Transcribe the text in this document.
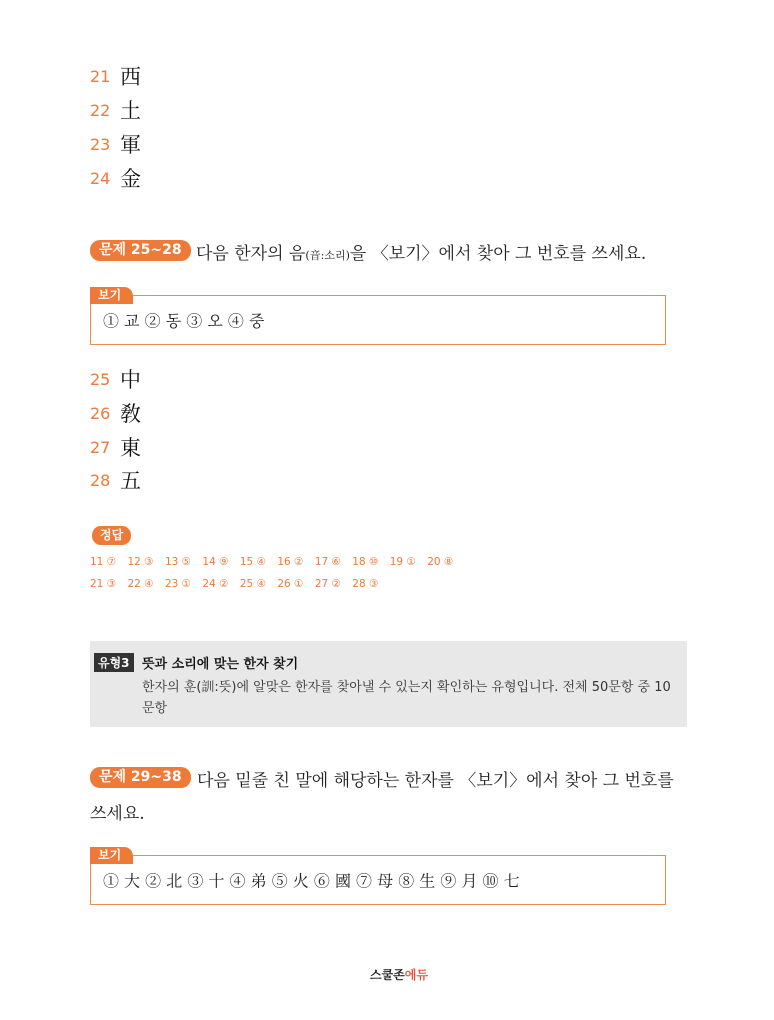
21 西
22 土
23 軍
24 金
문제 25~28 다음 한자의 음(音:소리)을 〈보기〉에서 찾아 그 번호를 쓰세요.
① 교 ② 동 ③ 오 ④ 중
보기
25 中
26 敎
27 東
28 五
정답
11 ⑦ 12 ③ 13 ⑤ 14 ⑨ 15 ④ 16 ② 17 ⑥ 18 ⑩ 19 ① 20 ⑧
21 ③ 22 ④ 23 ① 24 ② 25 ④ 26 ① 27 ② 28 ③
유형3 뜻과 소리에 맞는 한자 찾기
한자의 훈(訓:뜻)에 알맞은 한자를 찾아낼 수 있는지 확인하는 유형입니다. 전체 50문항 중 10문항
문제 29~38 다음 밑줄 친 말에 해당하는 한자를 〈보기〉에서 찾아 그 번호를
쓰세요.
① 大 ② 北 ③ 十 ④ 弟 ⑤ 火 ⑥ 國 ⑦ 母 ⑧ 生 ⑨ 月 ⑩ 七
보기
스쿨존에듀
